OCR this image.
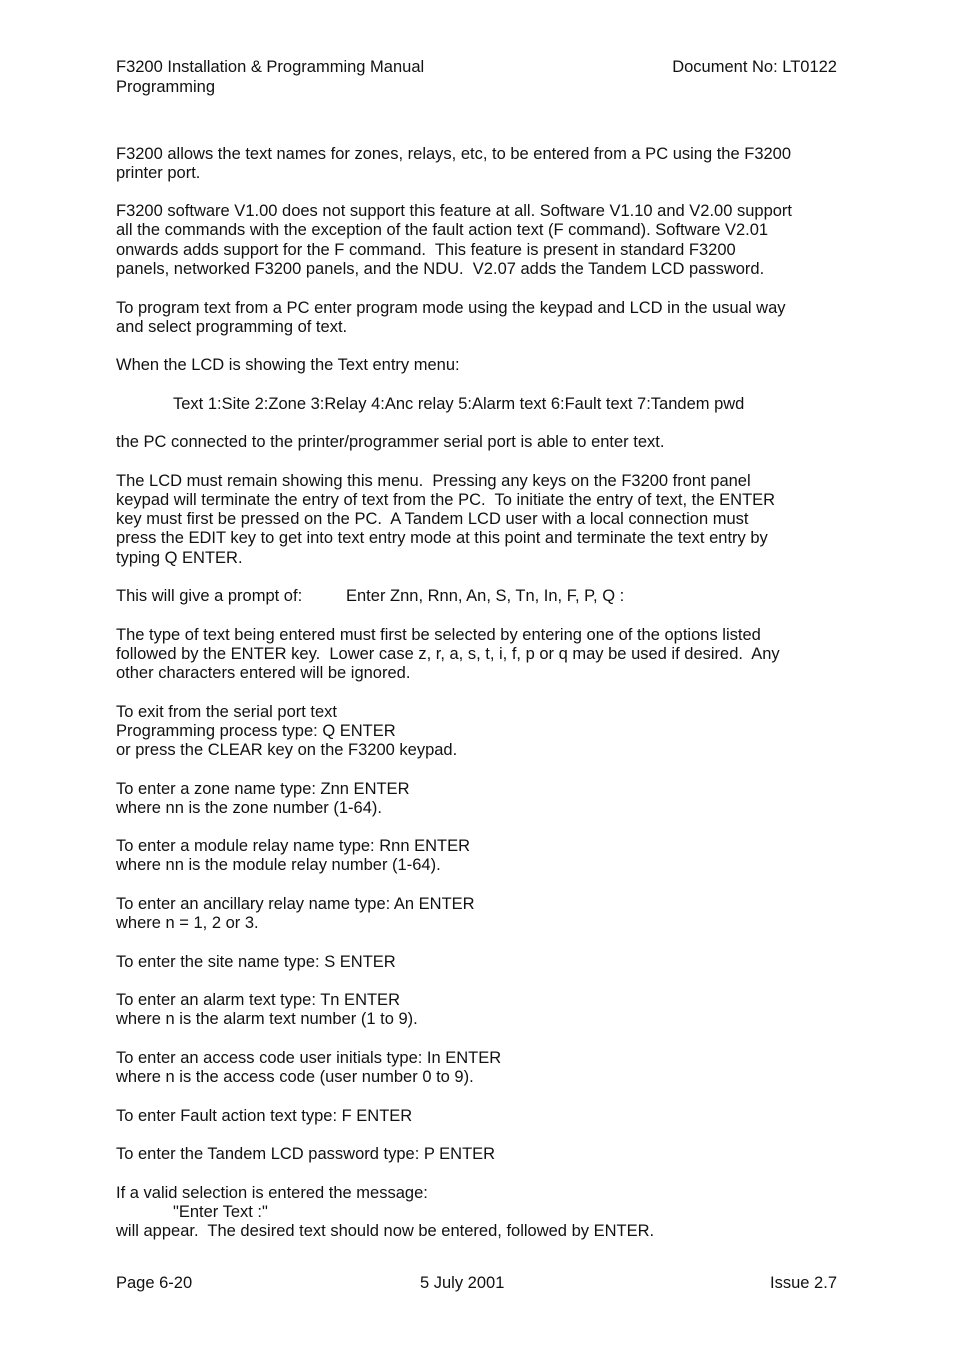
F3200 Installation & Programming Manual
Programming
Document No: LT0122
F3200 allows the text names for zones, relays, etc, to be entered from a PC using the F3200
printer port.
F3200 software V1.00 does not support this feature at all. Software V1.10 and V2.00 support
all the commands with the exception of the fault action text (F command). Software V2.01
onwards adds support for the F command.  This feature is present in standard F3200
panels, networked F3200 panels, and the NDU.  V2.07 adds the Tandem LCD password.
To program text from a PC enter program mode using the keypad and LCD in the usual way
and select programming of text.
When the LCD is showing the Text entry menu:
Text 1:Site 2:Zone 3:Relay 4:Anc relay 5:Alarm text 6:Fault text 7:Tandem pwd
the PC connected to the printer/programmer serial port is able to enter text.
The LCD must remain showing this menu.  Pressing any keys on the F3200 front panel
keypad will terminate the entry of text from the PC.  To initiate the entry of text, the ENTER
key must first be pressed on the PC.  A Tandem LCD user with a local connection must
press the EDIT key to get into text entry mode at this point and terminate the text entry by
typing Q ENTER.
This will give a prompt of:	Enter Znn, Rnn, An, S, Tn, In, F, P, Q :
The type of text being entered must first be selected by entering one of the options listed
followed by the ENTER key.  Lower case z, r, a, s, t, i, f, p or q may be used if desired.  Any
other characters entered will be ignored.
To exit from the serial port text
Programming process type: Q ENTER
or press the CLEAR key on the F3200 keypad.
To enter a zone name type: Znn ENTER
where nn is the zone number (1-64).
To enter a module relay name type: Rnn ENTER
where nn is the module relay number (1-64).
To enter an ancillary relay name type: An ENTER
where n = 1, 2 or 3.
To enter the site name type: S ENTER
To enter an alarm text type: Tn ENTER
where n is the alarm text number (1 to 9).
To enter an access code user initials type: In ENTER
where n is the access code (user number 0 to 9).
To enter Fault action text type: F ENTER
To enter the Tandem LCD password type: P ENTER
If a valid selection is entered the message:
"Enter Text :"
will appear.  The desired text should now be entered, followed by ENTER.
Page 6-20	5 July 2001	Issue 2.7
